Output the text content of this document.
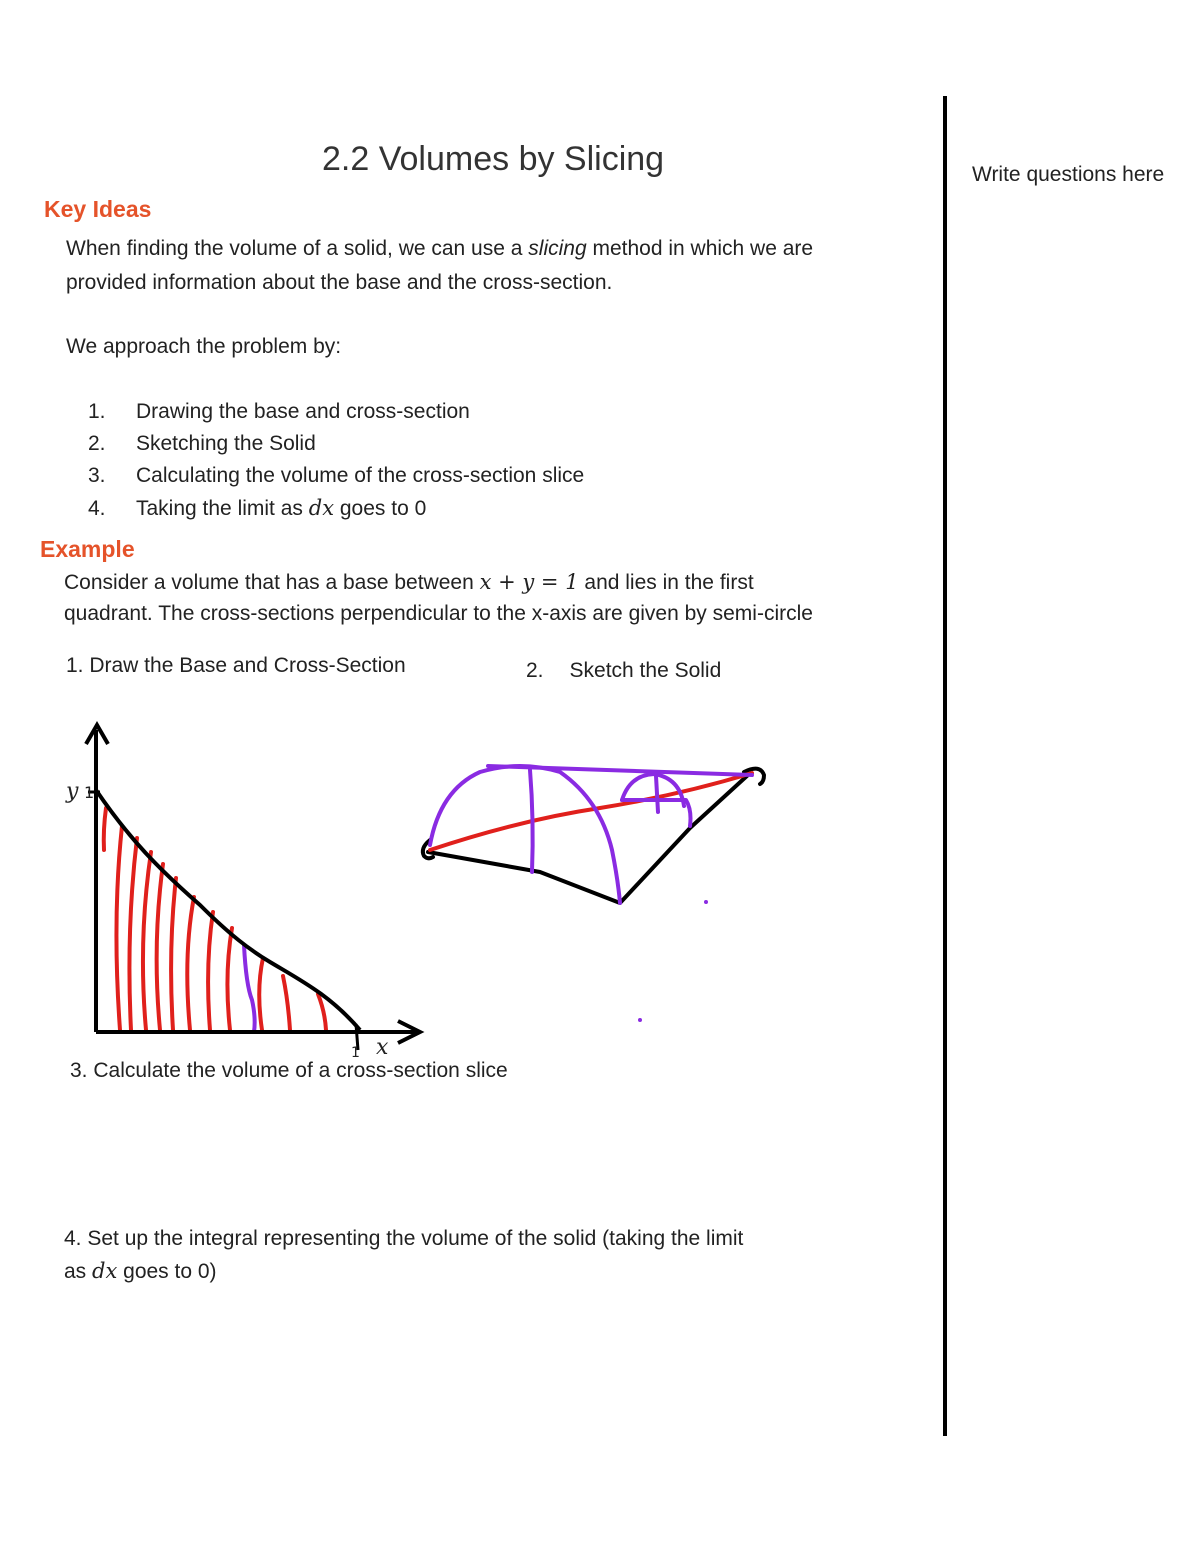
2.2 Volumes by Slicing
Key Ideas
When finding the volume of a solid, we can use a slicing method in which we are
provided information about the base and the cross-section.
We approach the problem by:
1. Drawing the base and cross-section
2. Sketching the Solid
3. Calculating the volume of the cross-section slice
4. Taking the limit as dx goes to 0
Example
Consider a volume that has a base between x + y = 1 and lies in the first
quadrant. The cross-sections perpendicular to the x-axis are given by semi-circle
1. Draw the Base and Cross-Section	2. Sketch the Solid
y 1
x
1
3. Calculate the volume of a cross-section slice
4. Set up the integral representing the volume of the solid (taking the limit
as dx goes to 0)
Write questions here
